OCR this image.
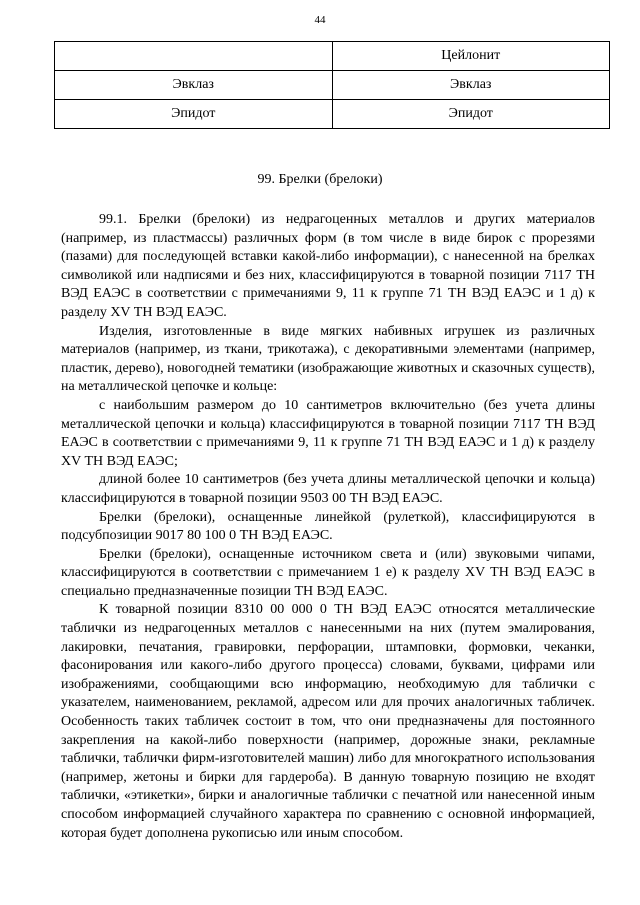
44
	Цейлонит
Эвклаз	Эвклаз
Эпидот	Эпидот
99. Брелки (брелоки)

99.1. Брелки (брелоки) из недрагоценных металлов и других материалов (например, из пластмассы) различных форм (в том числе в виде бирок с прорезями (пазами) для последующей вставки какой-либо информации), с нанесенной на брелках символикой или надписями и без них, классифицируются в товарной позиции 7117 ТН ВЭД ЕАЭС в соответствии с примечаниями 9, 11 к группе 71 ТН ВЭД ЕАЭС и 1 д) к разделу XV ТН ВЭД ЕАЭС.

Изделия, изготовленные в виде мягких набивных игрушек из различных материалов (например, из ткани, трикотажа), с декоративными элементами (например, пластик, дерево), новогодней тематики (изображающие животных и сказочных существ), на металлической цепочке и кольце:

с наибольшим размером до 10 сантиметров включительно (без учета длины металлической цепочки и кольца) классифицируются в товарной позиции 7117 ТН ВЭД ЕАЭС в соответствии с примечаниями 9, 11 к группе 71 ТН ВЭД ЕАЭС и 1 д) к разделу XV ТН ВЭД ЕАЭС;

длиной более 10 сантиметров (без учета длины металлической цепочки и кольца) классифицируются в товарной позиции 9503 00 ТН ВЭД ЕАЭС.

Брелки (брелоки), оснащенные линейкой (рулеткой), классифицируются в подсубпозиции 9017 80 100 0 ТН ВЭД ЕАЭС.

Брелки (брелоки), оснащенные источником света и (или) звуковыми чипами, классифицируются в соответствии с примечанием 1 е) к разделу XV ТН ВЭД ЕАЭС в специально предназначенные позиции ТН ВЭД ЕАЭС.

К товарной позиции 8310 00 000 0 ТН ВЭД ЕАЭС относятся металлические таблички из недрагоценных металлов с нанесенными на них (путем эмалирования, лакировки, печатания, гравировки, перфорации, штамповки, формовки, чеканки, фасонирования или какого-либо другого процесса) словами, буквами, цифрами или изображениями, сообщающими всю информацию, необходимую для таблички с указателем, наименованием, рекламой, адресом или для прочих аналогичных табличек. Особенность таких табличек состоит в том, что они предназначены для постоянного закрепления на какой-либо поверхности (например, дорожные знаки, рекламные таблички, таблички фирм-изготовителей машин) либо для многократного использования (например, жетоны и бирки для гардероба). В данную товарную позицию не входят таблички, «этикетки», бирки и аналогичные таблички с печатной или нанесенной иным способом информацией случайного характера по сравнению с основной информацией, которая будет дополнена рукописью или иным способом.
